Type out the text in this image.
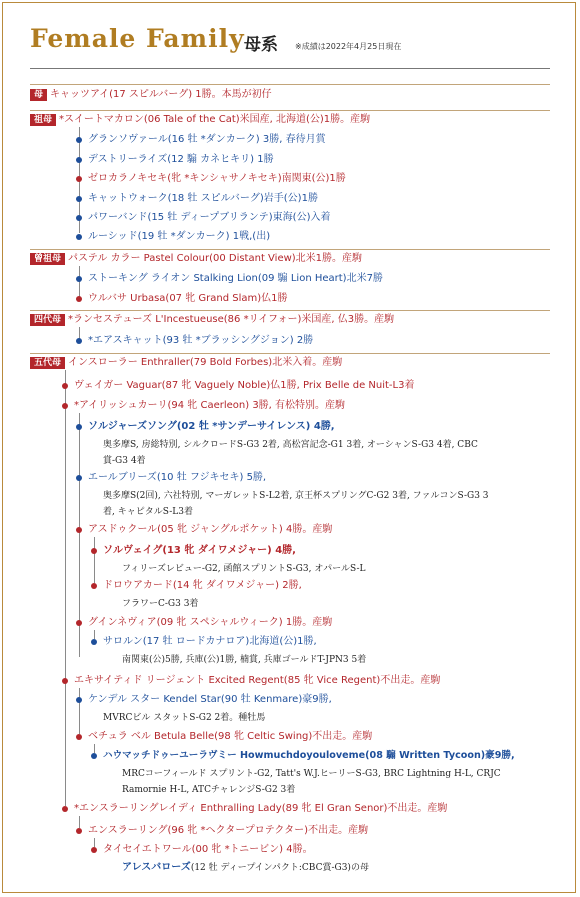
Female Family 母系 ※成績は2022年4月25日現在
母 キャッツアイ(17 スピルバーグ) 1勝。本馬が初仔
祖母 *スイートマカロン(06 Tale of the Cat)米国産, 北海道(公)1勝。産駒
グランソヴァール(16 牡 *ダンカーク) 3勝, 春待月賞
デストリーライズ(12 騸 カネヒキリ) 1勝
ゼロカラノキセキ(牝 *キンシャサノキセキ)南関東(公)1勝
キャットウォーク(18 牡 スピルバーグ)岩手(公)1勝
パワーバンド(15 牡 ディープブリランテ)東海(公)入着
ルーシッド(19 牡 *ダンカーク) 1戦,(出)
曾祖母 パステル カラー Pastel Colour(00 Distant View)北米1勝。産駒
ストーキング ライオン Stalking Lion(09 騸 Lion Heart)北米7勝
ウルバサ Urbasa(07 牝 Grand Slam)仏1勝
四代母 *ランセステューズ L'Incestueuse(86 *リイフォー)米国産, 仏3勝。産駒
*エアスキャット(93 牡 *ブラッシングジョン) 2勝
五代母 インスローラー Enthraller(79 Bold Forbes)北米入着。産駒
ヴェイガー Vaguar(87 牝 Vaguely Noble)仏1勝, Prix Belle de Nuit-L3着
*アイリッシュカーリ(94 牝 Caerleon) 3勝, 有松特別。産駒
ソルジャーズソング(02 牡 *サンデーサイレンス) 4勝,
奥多摩S, 房総特別, シルクロードS-G3 2着, 高松宮記念-G1 3着, オーシャンS-G3 4着, CBC
賞-G3 4着
エールブリーズ(10 牡 フジキセキ) 5勝,
奥多摩S(2回), 六社特別, マーガレットS-L2着, 京王杯スプリングC-G2 3着, ファルコンS-G3 3
着, キャピタルS-L3着
アスドゥクール(05 牝 ジャングルポケット) 4勝。産駒
ソルヴェイグ(13 牝 ダイワメジャー) 4勝,
フィリーズレビュー-G2, 函館スプリントS-G3, オパールS-L
ドロウアカード(14 牝 ダイワメジャー) 2勝,
フラワーC-G3 3着
グインネヴィア(09 牝 スペシャルウィーク) 1勝。産駒
サロルン(17 牡 ロードカナロア)北海道(公)1勝,
南関東(公)5勝, 兵庫(公)1勝, 楠賞, 兵庫ゴールドT-JPN3 5着
エキサイティド リージェント Excited Regent(85 牝 Vice Regent)不出走。産駒
ケンデル スター Kendel Star(90 牡 Kenmare)豪9勝,
MVRCビル スタットS-G2 2着。種牡馬
ベチュラ ベル Betula Belle(98 牝 Celtic Swing)不出走。産駒
ハウマッチドゥーユーラヴミー Howmuchdoyouloveme(08 騸 Written Tycoon)豪9勝,
MRCコーフィールド スプリント-G2, Tatt's W.J.ヒーリーS-G3, BRC Lightning H-L, CRJC
Ramornie H-L, ATCチャレンジS-G2 3着
*エンスラーリングレイディ Enthralling Lady(89 牝 El Gran Senor)不出走。産駒
エンスラーリング(96 牝 *ヘクタープロテクター)不出走。産駒
タイセイエトワール(00 牝 *トニービン) 4勝。
アレスバローズ(12 牡 ディープインパクト:CBC賞-G3)の母
